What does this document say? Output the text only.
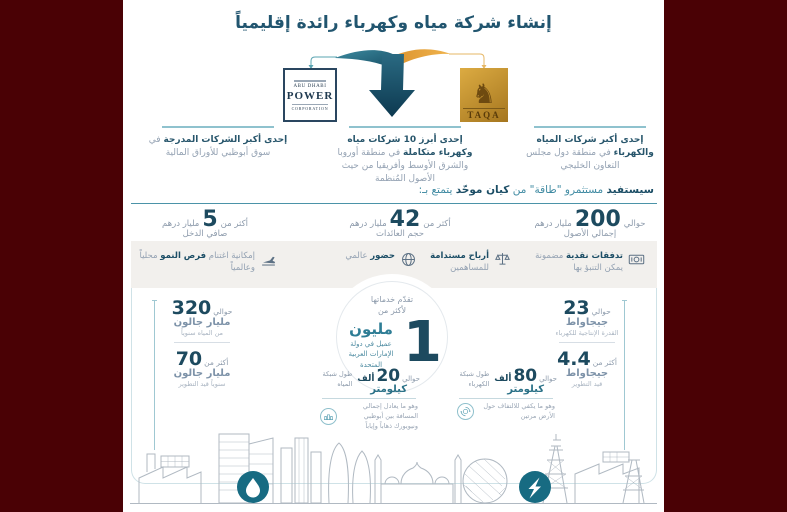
إنشاء شركة مياه وكهرباء رائدة إقليمياً
ABU DHABI
POWER
CORPORATION	♞
TAQA

إحدى أكبر شركات المياه والكهرباء في منطقة دول مجلس التعاون الخليجي

إحدى أبرز 10 شركات مياه وكهرباء متكاملة في منطقة أوروبا والشرق الأوسط وأفريقيا من حيث الأصول المُنظمة

إحدى أكبر الشركات المدرجة في سوق أبوظبي للأوراق المالية

سيستفيد مستثمرو "طاقة" من كيان موحّد يتمتع بـ:
حوالي200مليار درهم
إجمالي الأصول
أكثر من42مليار درهم
حجم العائدات
أكثر من5مليار درهم
صافي الدخل

تدفقات نقدية مضمونة يمكن التنبؤ بها

أرباح مستدامة للمساهمين

حضور عالمي

إمكانية اغتنام فرص النمو محلياً وعالمياً

تقدّم خدماتها
لأكثر من
1
مليون
عميل في دولة الإمارات العربية المتحدة
حوالي320
مليار جالون
من المياه سنوياً
أكثر من70
مليار جالون
سنوياً قيد التطوير
حوالي23
جيجاواط
القدرة الإنتاجية للكهرباء
أكثر من4.4
جيجاواط
قيد التطوير
حوالي20ألف
كيلومتر
طول شبكة المياه

وهو ما يعادل إجمالي المسافة بين أبوظبي ونيويورك ذهاباً وإياباً

حوالي80ألف
كيلومتر
طول شبكة الكهرباء

وهو ما يكفي للالتفاف حول الأرض مرتين
